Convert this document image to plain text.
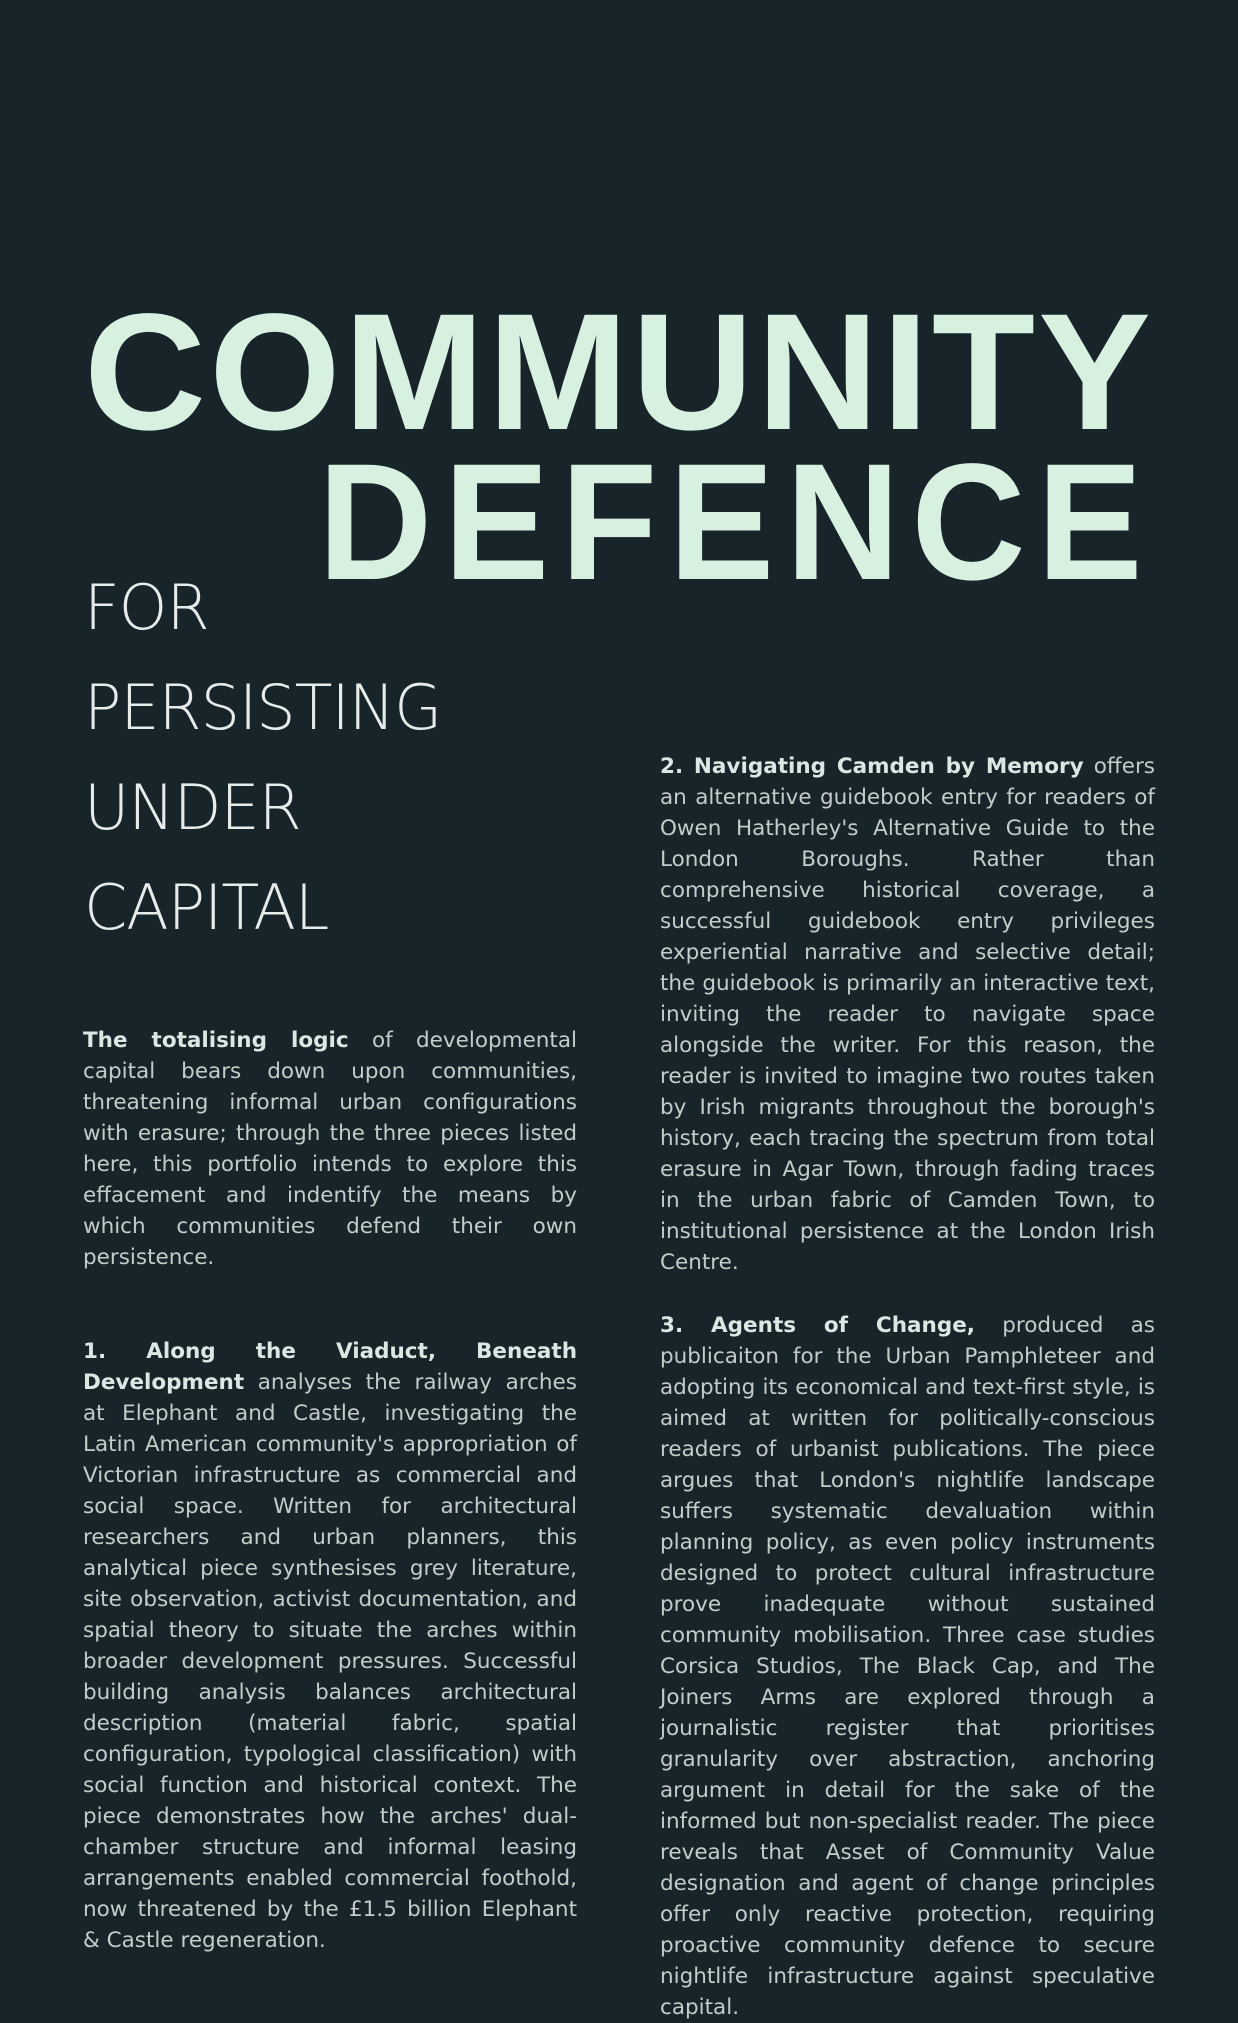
COMMUNITY
DEFENCE
FOR
PERSISTING
UNDER
CAPITAL

The totalising logic of developmental capital bears down upon communities, threatening informal urban configurations with erasure; through the three pieces listed here, this portfolio intends to explore this effacement and indentify the means by which communities defend their own persistence.

1. Along the Viaduct, Beneath Development analyses the railway arches at Elephant and Castle, investigating the Latin American community's appropriation of Victorian infrastructure as commercial and social space. Written for architectural researchers and urban planners, this analytical piece synthesises grey literature, site observation, activist documentation, and spatial theory to situate the arches within broader development pressures. Successful building analysis balances architectural description (material fabric, spatial configuration, typological classification) with social function and historical context. The piece demonstrates how the arches' dual-chamber structure and informal leasing arrangements enabled commercial foothold, now threatened by the £1.5 billion Elephant & Castle regeneration.

2. Navigating Camden by Memory offers an alternative guidebook entry for readers of Owen Hatherley's Alternative Guide to the London Boroughs. Rather than comprehensive historical coverage, a successful guidebook entry privileges experiential narrative and selective detail; the guidebook is primarily an interactive text, inviting the reader to navigate space alongside the writer. For this reason, the reader is invited to imagine two routes taken by Irish migrants throughout the borough's history, each tracing the spectrum from total erasure in Agar Town, through fading traces in the urban fabric of Camden Town, to institutional persistence at the London Irish Centre.

3. Agents of Change, produced as publicaiton for the Urban Pamphleteer and adopting its economical and text-first style, is aimed at written for politically-conscious readers of urbanist publications. The piece argues that London's nightlife landscape suffers systematic devaluation within planning policy, as even policy instruments designed to protect cultural infrastructure prove inadequate without sustained community mobilisation. Three case studies Corsica Studios, The Black Cap, and The Joiners Arms are explored through a journalistic register that prioritises granularity over abstraction, anchoring argument in detail for the sake of the informed but non-specialist reader. The piece reveals that Asset of Community Value designation and agent of change principles offer only reactive protection, requiring proactive community defence to secure nightlife infrastructure against speculative capital.
